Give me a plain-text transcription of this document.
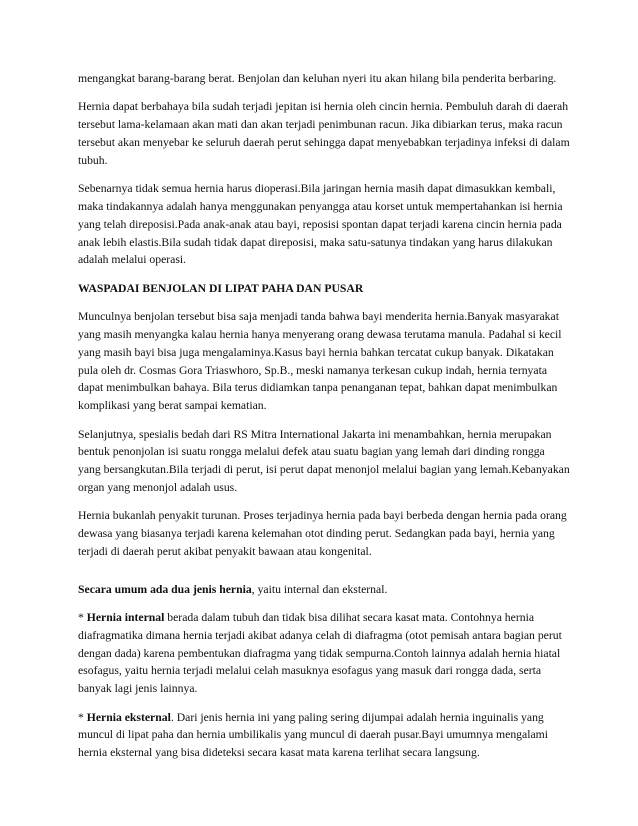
mengangkat barang-barang berat. Benjolan dan keluhan nyeri itu akan hilang bila penderita berbaring.

Hernia dapat berbahaya bila sudah terjadi jepitan isi hernia oleh cincin hernia. Pembuluh darah di daerah tersebut lama-kelamaan akan mati dan akan terjadi penimbunan racun. Jika dibiarkan terus, maka racun tersebut akan menyebar ke seluruh daerah perut sehingga dapat menyebabkan terjadinya infeksi di dalam tubuh.

Sebenarnya tidak semua hernia harus dioperasi.Bila jaringan hernia masih dapat dimasukkan kembali, maka tindakannya adalah hanya menggunakan penyangga atau korset untuk mempertahankan isi hernia yang telah direposisi.Pada anak-anak atau bayi, reposisi spontan dapat terjadi karena cincin hernia pada anak lebih elastis.Bila sudah tidak dapat direposisi, maka satu-satunya tindakan yang harus dilakukan adalah melalui operasi.

WASPADAI BENJOLAN DI LIPAT PAHA DAN PUSAR

Munculnya benjolan tersebut bisa saja menjadi tanda bahwa bayi menderita hernia.Banyak masyarakat yang masih menyangka kalau hernia hanya menyerang orang dewasa terutama manula. Padahal si kecil yang masih bayi bisa juga mengalaminya.Kasus bayi hernia bahkan tercatat cukup banyak. Dikatakan pula oleh dr. Cosmas Gora Triaswhoro, Sp.B., meski namanya terkesan cukup indah, hernia ternyata dapat menimbulkan bahaya. Bila terus didiamkan tanpa penanganan tepat, bahkan dapat menimbulkan komplikasi yang berat sampai kematian.

Selanjutnya, spesialis bedah dari RS Mitra International Jakarta ini menambahkan, hernia merupakan bentuk penonjolan isi suatu rongga melalui defek atau suatu bagian yang lemah dari dinding rongga yang bersangkutan.Bila terjadi di perut, isi perut dapat menonjol melalui bagian yang lemah.Kebanyakan organ yang menonjol adalah usus.

Hernia bukanlah penyakit turunan. Proses terjadinya hernia pada bayi berbeda dengan hernia pada orang dewasa yang biasanya terjadi karena kelemahan otot dinding perut. Sedangkan pada bayi, hernia yang terjadi di daerah perut akibat penyakit bawaan atau kongenital.

Secara umum ada dua jenis hernia, yaitu internal dan eksternal.

* Hernia internal berada dalam tubuh dan tidak bisa dilihat secara kasat mata. Contohnya hernia diafragmatika dimana hernia terjadi akibat adanya celah di diafragma (otot pemisah antara bagian perut dengan dada) karena pembentukan diafragma yang tidak sempurna.Contoh lainnya adalah hernia hiatal esofagus, yaitu hernia terjadi melalui celah masuknya esofagus yang masuk dari rongga dada, serta banyak lagi jenis lainnya.

* Hernia eksternal. Dari jenis hernia ini yang paling sering dijumpai adalah hernia inguinalis yang muncul di lipat paha dan hernia umbilikalis yang muncul di daerah pusar.Bayi umumnya mengalami hernia eksternal yang bisa dideteksi secara kasat mata karena terlihat secara langsung.
